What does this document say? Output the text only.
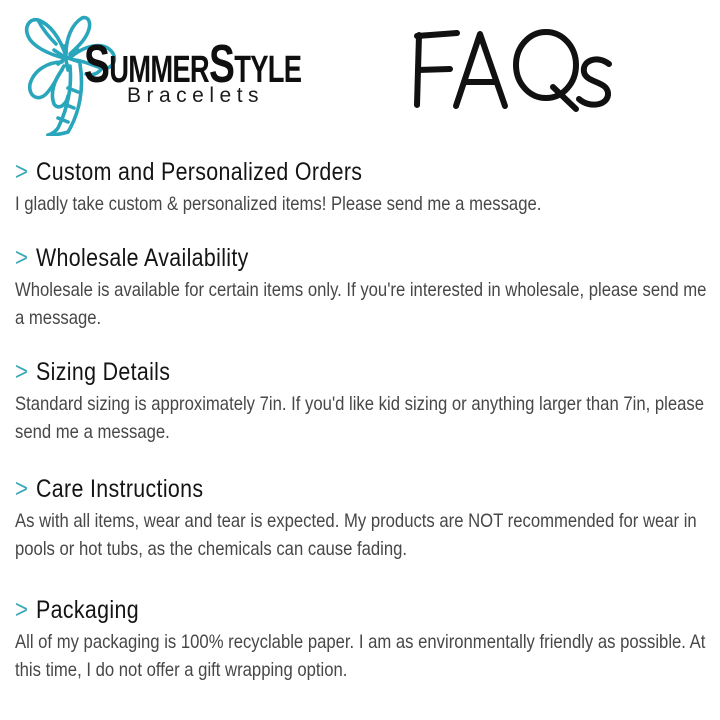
SUMMERSTYLE
Bracelets
> Custom and Personalized Orders

I gladly take custom & personalized items! Please send me a message.

> Wholesale Availability

Wholesale is available for certain items only. If you're interested in wholesale, please send me a message.

> Sizing Details

Standard sizing is approximately 7in. If you'd like kid sizing or anything larger than 7in, please send me a message.

> Care Instructions

As with all items, wear and tear is expected. My products are NOT recommended for wear in pools or hot tubs, as the chemicals can cause fading.

> Packaging

All of my packaging is 100% recyclable paper. I am as environmentally friendly as possible. At this time, I do not offer a gift wrapping option.
